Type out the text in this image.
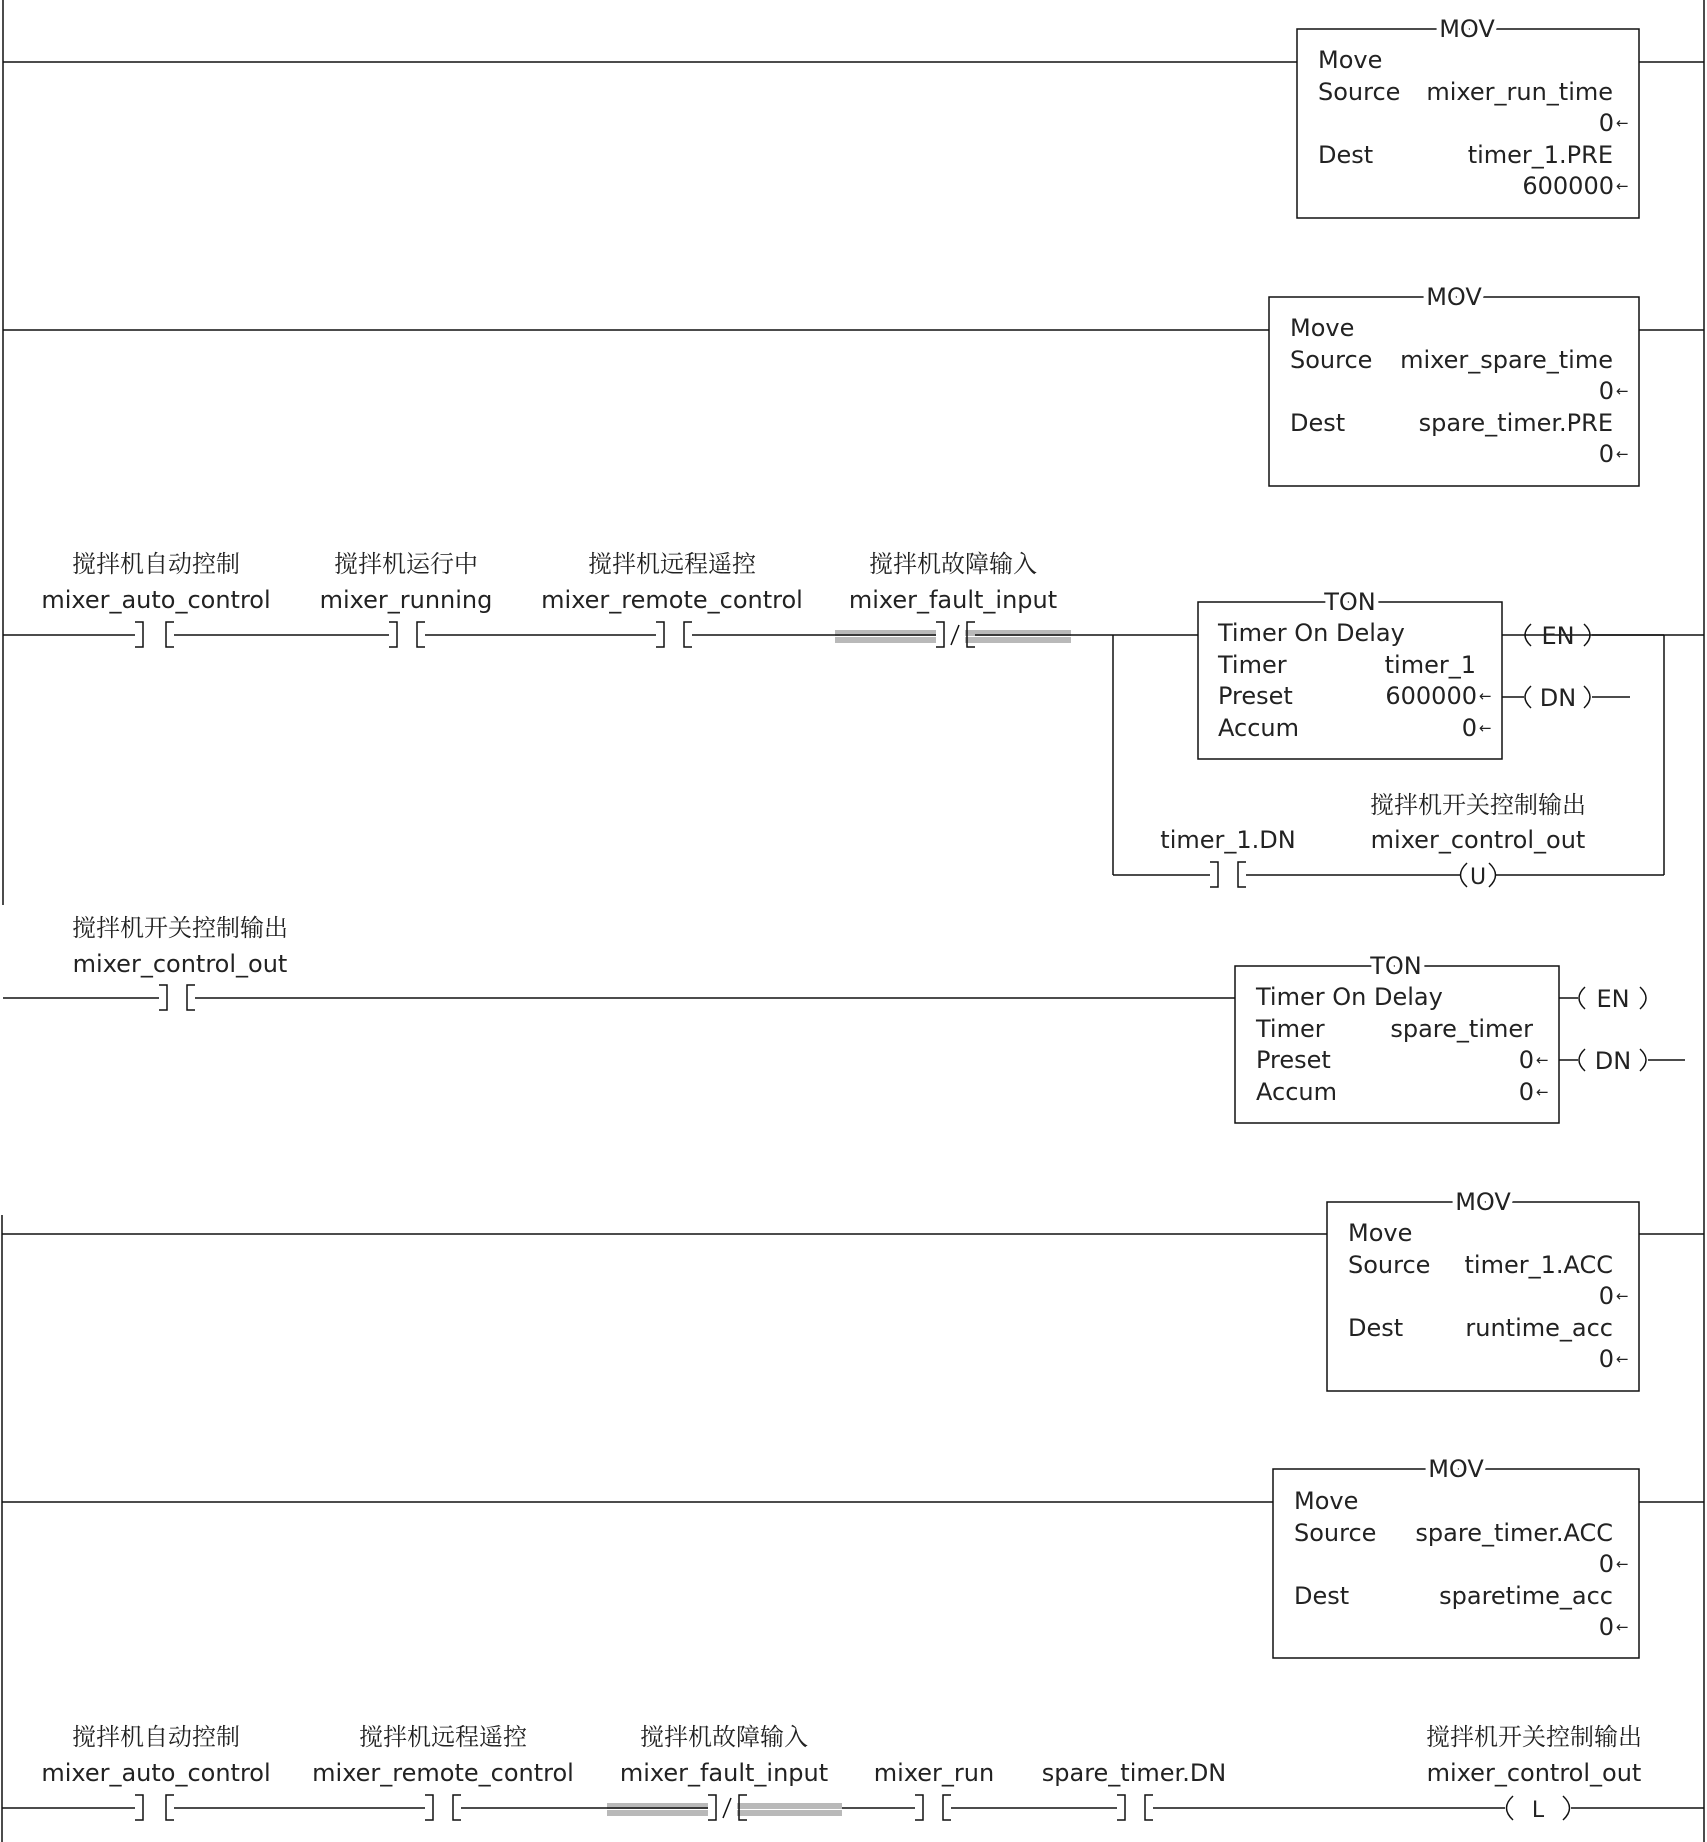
MOV
Move
Source mixer_run_time
0 ←
Dest	timer_1.PRE
600000 ←
MOV
Move
Source mixer_spare_time
0 ←
Dest	spare_timer.PRE
0 ←
搅拌机自动控制
mixer_auto_control
搅拌机运行中
mixer_running
搅拌机远程遥控
mixer_remote_control
搅拌机故障输入
mixer_fault_input	TON
Timer On Delay
Timer	timer_1
Preset	600000 ←
Accum	0 ←
EN
DN
timer_1.DN
U
搅拌机开关控制输出
mixer_control_out
搅拌机开关控制输出
mixer_control_out	TON
Timer On Delay
Timer	spare_timer
Preset	0 ←
Accum	0 ←
EN
DN
MOV
Move
Source timer_1.ACC
0 ←
Dest	runtime_acc
0 ←
MOV
Move
Source spare_timer.ACC
0 ←
Dest	sparetime_acc
0 ←
搅拌机自动控制
mixer_auto_control
搅拌机远程遥控
mixer_remote_control
搅拌机故障输入
mixer_fault_input mixer_run spare_timer.DN
L
搅拌机开关控制输出
mixer_control_out
